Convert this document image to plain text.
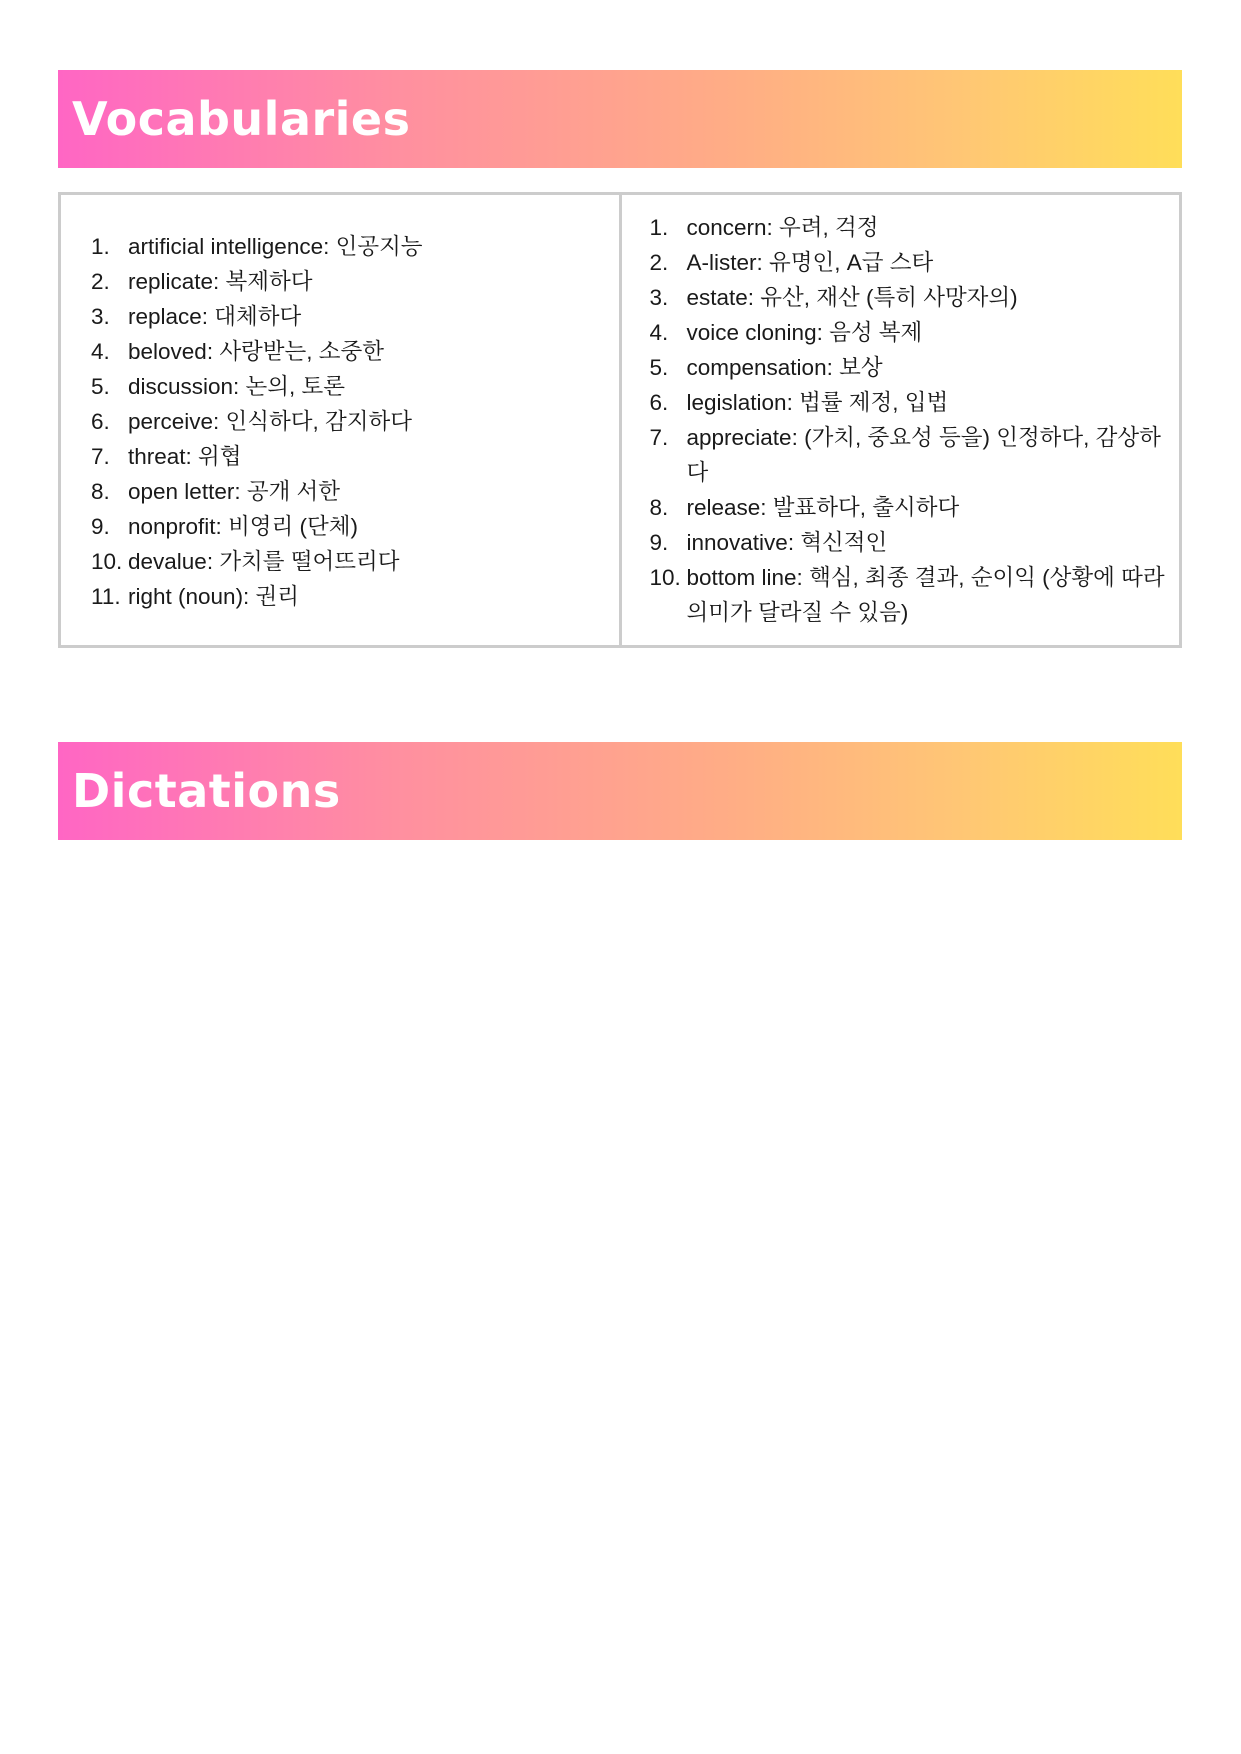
Vocabularies
1. artificial intelligence: 인공지능
2. replicate: 복제하다
3. replace: 대체하다
4. beloved: 사랑받는, 소중한
5. discussion: 논의, 토론
6. perceive: 인식하다, 감지하다
7. threat: 위협
8. open letter: 공개 서한
9. nonprofit: 비영리 (단체)
10. devalue: 가치를 떨어뜨리다
11. right (noun): 권리
1. concern: 우려, 걱정
2. A-lister: 유명인, A급 스타
3. estate: 유산, 재산 (특히 사망자의)
4. voice cloning: 음성 복제
5. compensation: 보상
6. legislation: 법률 제정, 입법
7. appreciate: (가치, 중요성 등을) 인정하다, 감상하다
8. release: 발표하다, 출시하다
9. innovative: 혁신적인
10. bottom line: 핵심, 최종 결과, 순이익 (상황에 따라 의미가 달라질 수 있음)
Dictations
